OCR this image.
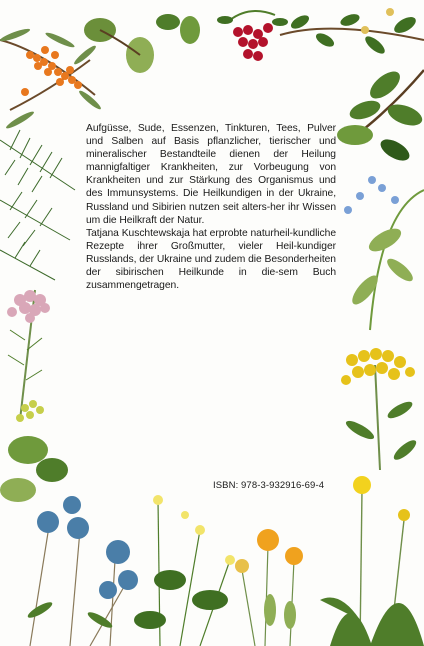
Aufgüsse, Sude, Essenzen, Tinkturen, Tees, Pulver und Salben auf Basis pflanzlicher, tierischer und mineralischer Bestandteile dienen der Heilung mannigfaltiger Krankheiten, zur Vorbeugung von Krankheiten und zur Stärkung des Organismus und des Immunsystems. Die Heilkundigen in der Ukraine, Russland und Sibirien nutzen seit alters-her ihr Wissen um die Heilkraft der Natur.

Tatjana Kuschtewskaja hat erprobte naturheil-kundliche Rezepte ihrer Großmutter, vieler Heil-kundiger Russlands, der Ukraine und zudem die Besonderheiten der sibirischen Heilkunde in die-sem Buch zusammengetragen.

ISBN: 978-3-932916-69-4
